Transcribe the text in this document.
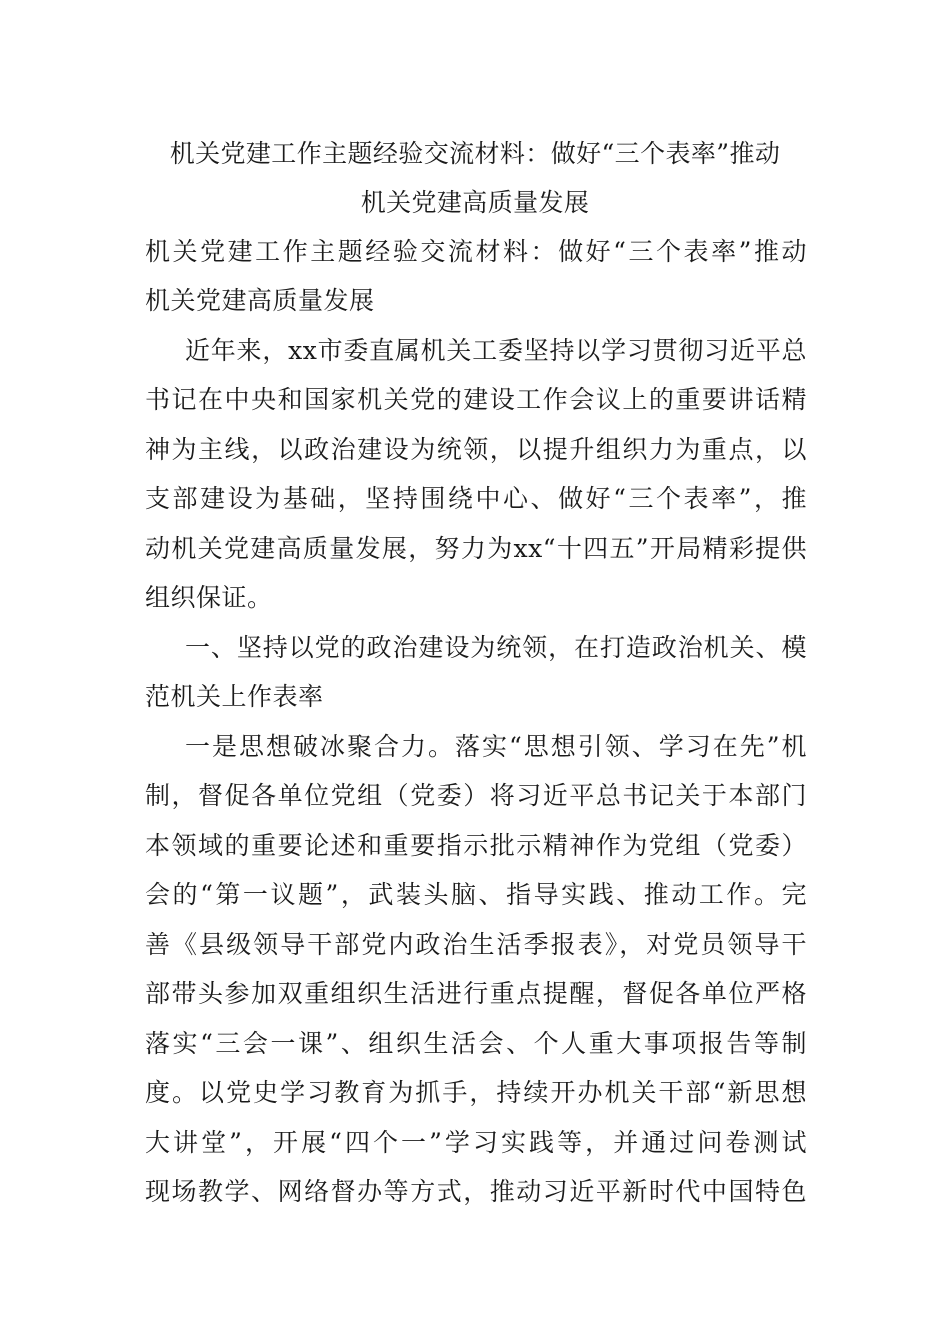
机关党建工作主题经验交流材料：做好“三个表率”推动
机关党建高质量发展
机关党建工作主题经验交流材料：做好“三个表率”推动
机关党建高质量发展
近年来，xx市委直属机关工委坚持以学习贯彻习近平总
书记在中央和国家机关党的建设工作会议上的重要讲话精
神为主线，以政治建设为统领，以提升组织力为重点，以
支部建设为基础，坚持围绕中心、做好“三个表率”，推
动机关党建高质量发展，努力为xx“十四五”开局精彩提供
组织保证。
一、坚持以党的政治建设为统领，在打造政治机关、模
范机关上作表率
一是思想破冰聚合力。落实“思想引领、学习在先”机
制，督促各单位党组（党委）将习近平总书记关于本部门
本领域的重要论述和重要指示批示精神作为党组（党委）
会的“第一议题”，武装头脑、指导实践、推动工作。完
善《县级领导干部党内政治生活季报表》，对党员领导干
部带头参加双重组织生活进行重点提醒，督促各单位严格
落实“三会一课”、组织生活会、个人重大事项报告等制
度。以党史学习教育为抓手，持续开办机关干部“新思想
大讲堂”，开展“四个一”学习实践等，并通过问卷测试
现场教学、网络督办等方式，推动习近平新时代中国特色
